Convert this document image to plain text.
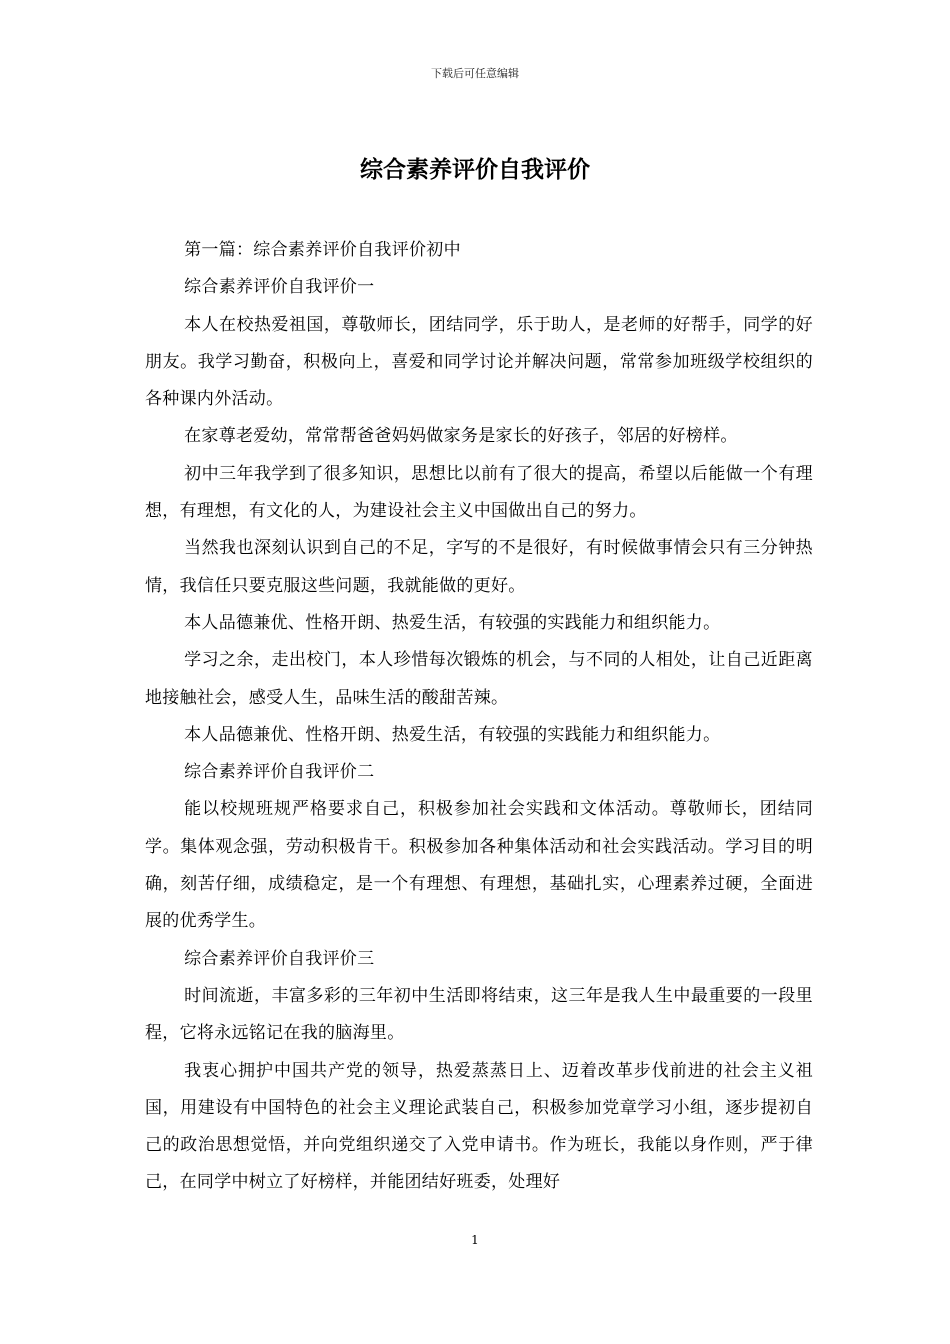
下载后可任意编辑
综合素养评价自我评价

第一篇：综合素养评价自我评价初中

综合素养评价自我评价一

本人在校热爱祖国，尊敬师长，团结同学，乐于助人，是老师的好帮手，同学的好朋友。我学习勤奋，积极向上，喜爱和同学讨论并解决问题，常常参加班级学校组织的各种课内外活动。

在家尊老爱幼，常常帮爸爸妈妈做家务是家长的好孩子，邻居的好榜样。

初中三年我学到了很多知识，思想比以前有了很大的提高，希望以后能做一个有理想，有理想，有文化的人，为建设社会主义中国做出自己的努力。

当然我也深刻认识到自己的不足，字写的不是很好，有时候做事情会只有三分钟热情，我信任只要克服这些问题，我就能做的更好。

本人品德兼优、性格开朗、热爱生活，有较强的实践能力和组织能力。

学习之余，走出校门，本人珍惜每次锻炼的机会，与不同的人相处，让自己近距离地接触社会，感受人生，品味生活的酸甜苦辣。

本人品德兼优、性格开朗、热爱生活，有较强的实践能力和组织能力。

综合素养评价自我评价二

能以校规班规严格要求自己，积极参加社会实践和文体活动。尊敬师长，团结同学。集体观念强，劳动积极肯干。积极参加各种集体活动和社会实践活动。学习目的明确，刻苦仔细，成绩稳定，是一个有理想、有理想，基础扎实，心理素养过硬，全面进展的优秀学生。

综合素养评价自我评价三

时间流逝，丰富多彩的三年初中生活即将结束，这三年是我人生中最重要的一段里程，它将永远铭记在我的脑海里。

我衷心拥护中国共产党的领导，热爱蒸蒸日上、迈着改革步伐前进的社会主义祖国，用建设有中国特色的社会主义理论武装自己，积极参加党章学习小组，逐步提初自己的政治思想觉悟，并向党组织递交了入党申请书。作为班长，我能以身作则，严于律己，在同学中树立了好榜样，并能团结好班委，处理好

1
